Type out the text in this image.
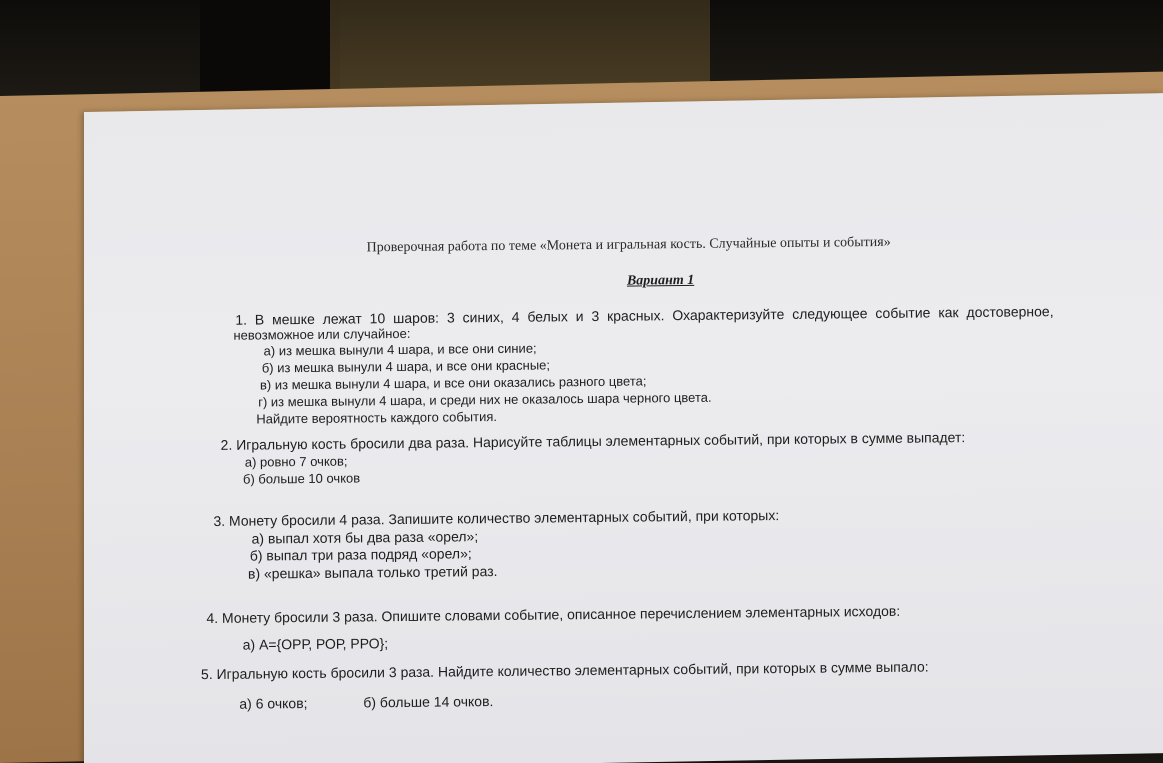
Проверочная работа по теме «Монета и игральная кость. Случайные опыты и события»
Вариант 1
1. В мешке лежат 10 шаров: 3 синих, 4 белых и 3 красных. Охарактеризуйте следующее событие как достоверное,
невозможное или случайное:
а) из мешка вынули 4 шара, и все они синие;
б) из мешка вынули 4 шара, и все они красные;
в) из мешка вынули 4 шара, и все они оказались разного цвета;
г) из мешка вынули 4 шара, и среди них не оказалось шара черного цвета.
Найдите вероятность каждого события.
2. Игральную кость бросили два раза. Нарисуйте таблицы элементарных событий, при которых в сумме выпадет:
а) ровно 7 очков;
б) больше 10 очков
3. Монету бросили 4 раза. Запишите количество элементарных событий, при которых:
а) выпал хотя бы два раза «орел»;
б) выпал три раза подряд «орел»;
в) «решка» выпала только третий раз.
4. Монету бросили 3 раза. Опишите словами событие, описанное перечислением элементарных исходов:
а) А={ОРР, РОР, РРО};
5. Игральную кость бросили 3 раза. Найдите количество элементарных событий, при которых в сумме выпало:
а) 6 очков;	б) больше 14 очков.
